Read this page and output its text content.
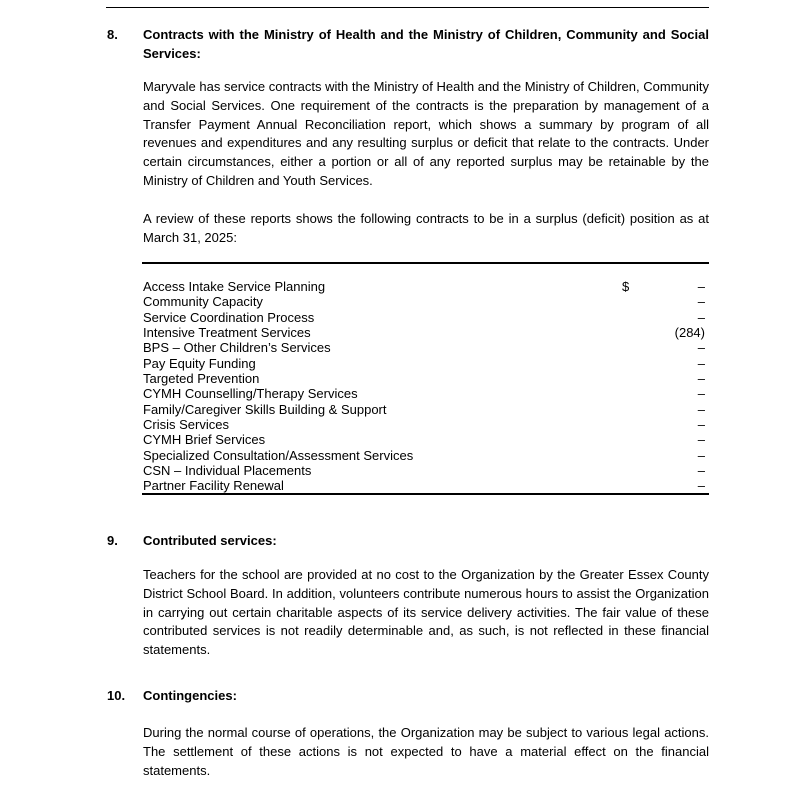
8. Contracts with the Ministry of Health and the Ministry of Children, Community and Social Services:

Maryvale has service contracts with the Ministry of Health and the Ministry of Children, Community and Social Services. One requirement of the contracts is the preparation by management of a Transfer Payment Annual Reconciliation report, which shows a summary by program of all revenues and expenditures and any resulting surplus or deficit that relate to the contracts. Under certain circumstances, either a portion or all of any reported surplus may be retainable by the Ministry of Children and Youth Services.

A review of these reports shows the following contracts to be in a surplus (deficit) position as at March 31, 2025:

Access Intake Service Planning	$	–
Community Capacity	–
Service Coordination Process	–
Intensive Treatment Services	(284)
BPS – Other Children’s Services	–
Pay Equity Funding	–
Targeted Prevention	–
CYMH Counselling/Therapy Services	–
Family/Caregiver Skills Building & Support	–
Crisis Services	–
CYMH Brief Services	–
Specialized Consultation/Assessment Services	–
CSN – Individual Placements	–
Partner Facility Renewal	–
9. Contributed services:

Teachers for the school are provided at no cost to the Organization by the Greater Essex County District School Board. In addition, volunteers contribute numerous hours to assist the Organization in carrying out certain charitable aspects of its service delivery activities. The fair value of these contributed services is not readily determinable and, as such, is not reflected in these financial statements.

10. Contingencies:

During the normal course of operations, the Organization may be subject to various legal actions. The settlement of these actions is not expected to have a material effect on the financial statements.
